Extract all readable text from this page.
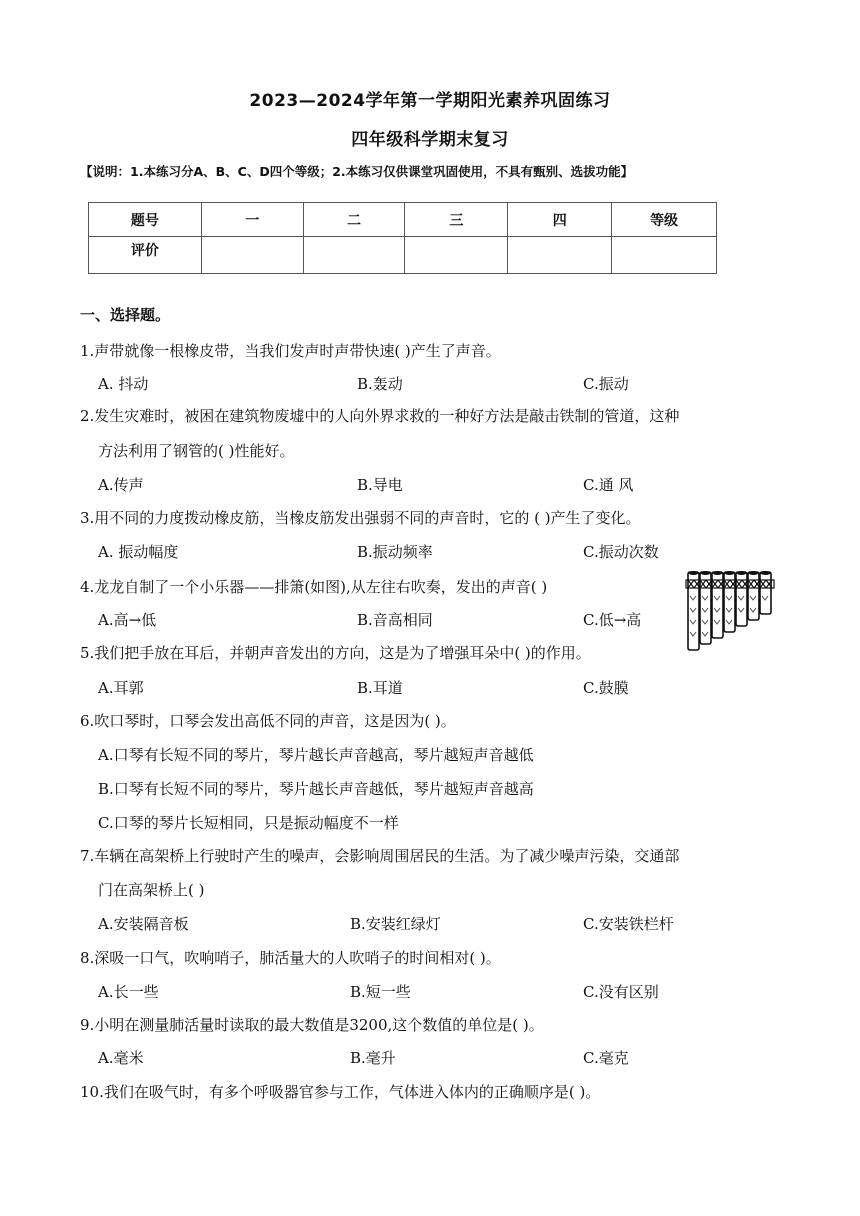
2023—2024学年第一学期阳光素养巩固练习
四年级科学期末复习
【说明：1.本练习分A、B、C、D四个等级；2.本练习仅供课堂巩固使用，不具有甄别、选拔功能】
题号	一	二	三	四	等级
评价					
一、选择题。
1.声带就像一根橡皮带，当我们发声时声带快速( )产生了声音。
A. 抖动	B.轰动	C.振动
2.发生灾难时，被困在建筑物废墟中的人向外界求救的一种好方法是敲击铁制的管道，这种
方法利用了钢管的( )性能好。
A.传声	B.导电	C.通 风
3.用不同的力度拨动橡皮筋，当橡皮筋发出强弱不同的声音时，它的 ( )产生了变化。
A. 振动幅度	B.振动频率	C.振动次数
4.龙龙自制了一个小乐器——排箫(如图),从左往右吹奏，发出的声音( )
A.高→低	B.音高相同	C.低→高
5.我们把手放在耳后，并朝声音发出的方向，这是为了增强耳朵中( )的作用。
A.耳郭	B.耳道	C.鼓膜
6.吹口琴时，口琴会发出高低不同的声音，这是因为( )。
A.口琴有长短不同的琴片，琴片越长声音越高，琴片越短声音越低
B.口琴有长短不同的琴片，琴片越长声音越低，琴片越短声音越高
C.口琴的琴片长短相同，只是振动幅度不一样
7.车辆在高架桥上行驶时产生的噪声，会影响周围居民的生活。为了减少噪声污染，交通部
门在高架桥上( )
A.安装隔音板	B.安装红绿灯	C.安装铁栏杆
8.深吸一口气，吹响哨子，肺活量大的人吹哨子的时间相对( )。
A.长一些	B.短一些	C.没有区别
9.小明在测量肺活量时读取的最大数值是3200,这个数值的单位是( )。
A.毫米	B.毫升	C.毫克
10.我们在吸气时，有多个呼吸器官参与工作，气体进入体内的正确顺序是( )。
